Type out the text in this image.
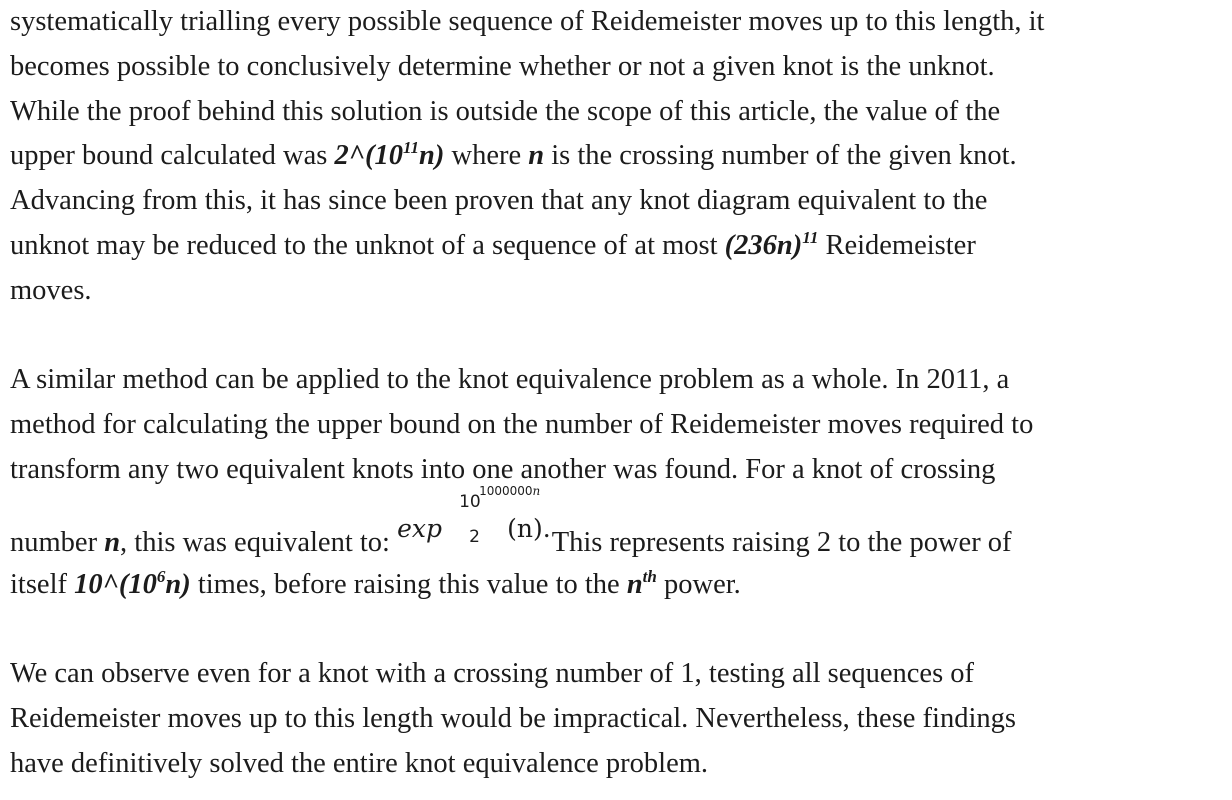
systematically trialling every possible sequence of Reidemeister moves up to this length, it
becomes possible to conclusively determine whether or not a given knot is the unknot.
While the proof behind this solution is outside the scope of this article, the value of the
upper bound calculated was $2\^{}(10^{11}n)$ where n is the crossing number of the given knot.
Advancing from this, it has since been proven that any knot diagram equivalent to the
unknot may be reduced to the unknot of a sequence of at most $(236n)^{11}$ Reidemeister
moves.
A similar method can be applied to the knot equivalence problem as a whole. In 2011, a
method for calculating the upper bound on the number of Reidemeister moves required to
transform any two equivalent knots into one another was found. For a knot of crossing
number n, this was equivalent to: exp 2
10
1000000n
(n).
This represents raising 2 to the power of
itself $10\^{}(10^6n)$ times, before raising this value to the $n^{th}$ power.
We can observe even for a knot with a crossing number of 1, testing all sequences of
Reidemeister moves up to this length would be impractical. Nevertheless, these findings
have definitively solved the entire knot equivalence problem.
